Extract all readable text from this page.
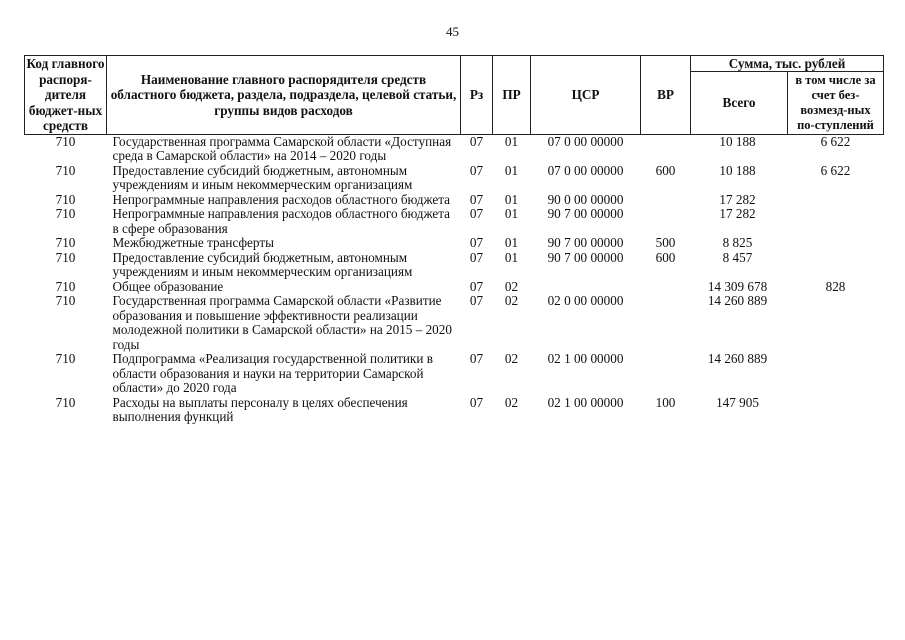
45
Код главного распоря-дителя бюджет-ных средств	Наименование главного распорядителя средств областного бюджета, раздела, подраздела, целевой статьи, группы видов расходов	Рз	ПР	ЦСР	ВР	Сумма, тыс. рублей	
						Всего	в том числе за счет без-возмезд-ных по-ступлений
710	Государственная программа Самарской области «Доступная среда в Самарской области» на 2014 – 2020 годы	07	01	07 0 00 00000		10 188	6 622
710	Предоставление субсидий бюджетным, автономным учреждениям и иным некоммерческим организациям	07	01	07 0 00 00000	600	10 188	6 622
710	Непрограммные направления расходов областного бюджета	07	01	90 0 00 00000		17 282	
710	Непрограммные направления расходов областного бюджета в сфере образования	07	01	90 7 00 00000		17 282	
710	Межбюджетные трансферты	07	01	90 7 00 00000	500	8 825	
710	Предоставление субсидий бюджетным, автономным учреждениям и иным некоммерческим организациям	07	01	90 7 00 00000	600	8 457	
710	Общее образование	07	02			14 309 678	828
710	Государственная программа Самарской области «Развитие образования и повышение эффективности реализации молодежной политики в Самарской области» на 2015 – 2020 годы	07	02	02 0 00 00000		14 260 889	
710	Подпрограмма «Реализация государственной политики в области образования и науки на территории Самарской области» до 2020 года	07	02	02 1 00 00000		14 260 889	
710	Расходы на выплаты персоналу в целях обеспечения выполнения функций	07	02	02 1 00 00000	100	147 905	
